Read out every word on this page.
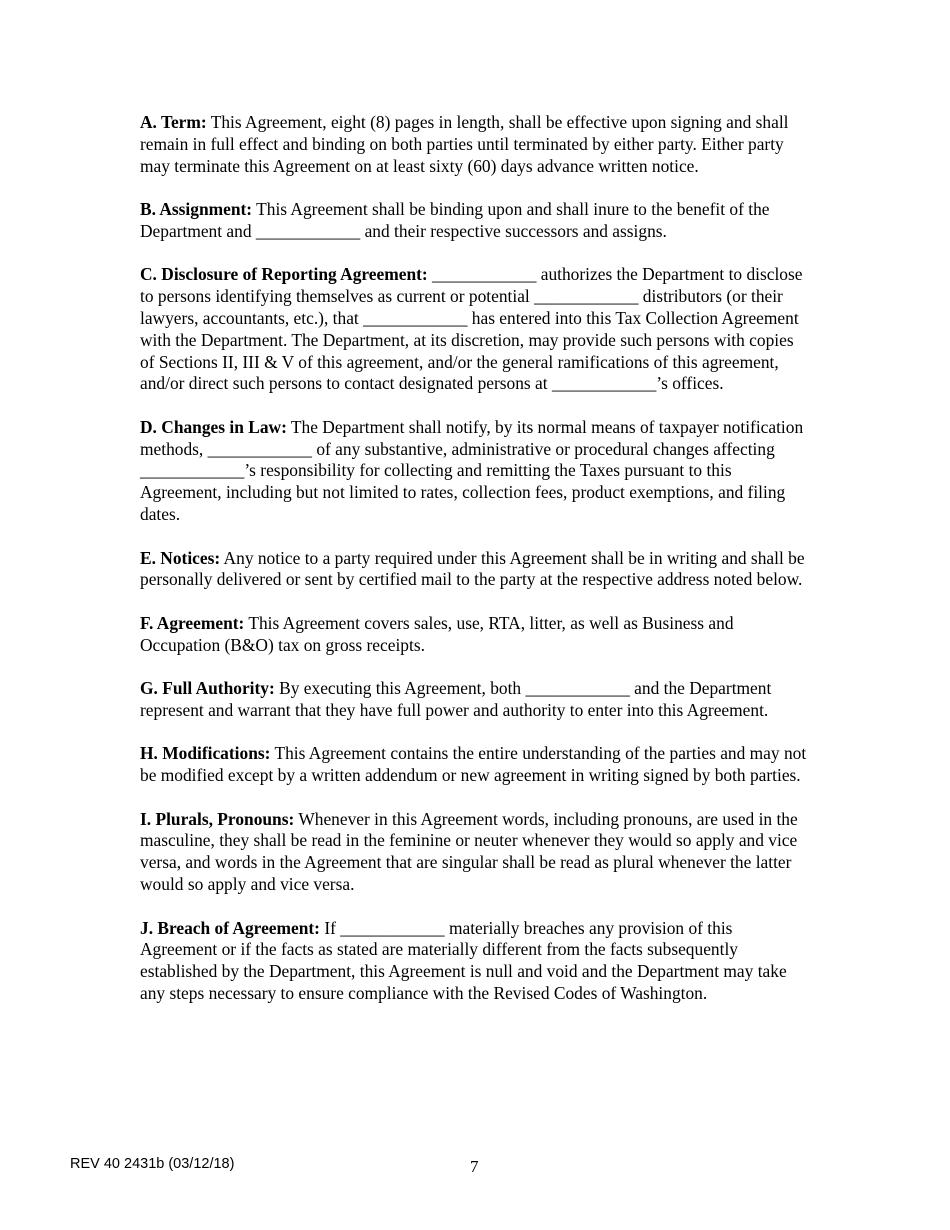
A. Term: This Agreement, eight (8) pages in length, shall be effective upon signing and shall remain in full effect and binding on both parties until terminated by either party. Either party may terminate this Agreement on at least sixty (60) days advance written notice.

B. Assignment: This Agreement shall be binding upon and shall inure to the benefit of the Department and ____________ and their respective successors and assigns.

C. Disclosure of Reporting Agreement: ____________ authorizes the Department to disclose to persons identifying themselves as current or potential ____________ distributors (or their lawyers, accountants, etc.), that ____________ has entered into this Tax Collection Agreement with the Department. The Department, at its discretion, may provide such persons with copies of Sections II, III & V of this agreement, and/or the general ramifications of this agreement, and/or direct such persons to contact designated persons at ____________’s offices.

D. Changes in Law: The Department shall notify, by its normal means of taxpayer notification methods, ____________ of any substantive, administrative or procedural changes affecting ____________’s responsibility for collecting and remitting the Taxes pursuant to this Agreement, including but not limited to rates, collection fees, product exemptions, and filing dates.

E. Notices: Any notice to a party required under this Agreement shall be in writing and shall be personally delivered or sent by certified mail to the party at the respective address noted below.

F. Agreement: This Agreement covers sales, use, RTA, litter, as well as Business and Occupation (B&O) tax on gross receipts.

G. Full Authority: By executing this Agreement, both ____________ and the Department represent and warrant that they have full power and authority to enter into this Agreement.

H. Modifications: This Agreement contains the entire understanding of the parties and may not be modified except by a written addendum or new agreement in writing signed by both parties.

I. Plurals, Pronouns: Whenever in this Agreement words, including pronouns, are used in the masculine, they shall be read in the feminine or neuter whenever they would so apply and vice versa, and words in the Agreement that are singular shall be read as plural whenever the latter would so apply and vice versa.

J. Breach of Agreement: If ____________ materially breaches any provision of this Agreement or if the facts as stated are materially different from the facts subsequently established by the Department, this Agreement is null and void and the Department may take any steps necessary to ensure compliance with the Revised Codes of Washington.

REV 40 2431b (03/12/18)	7
